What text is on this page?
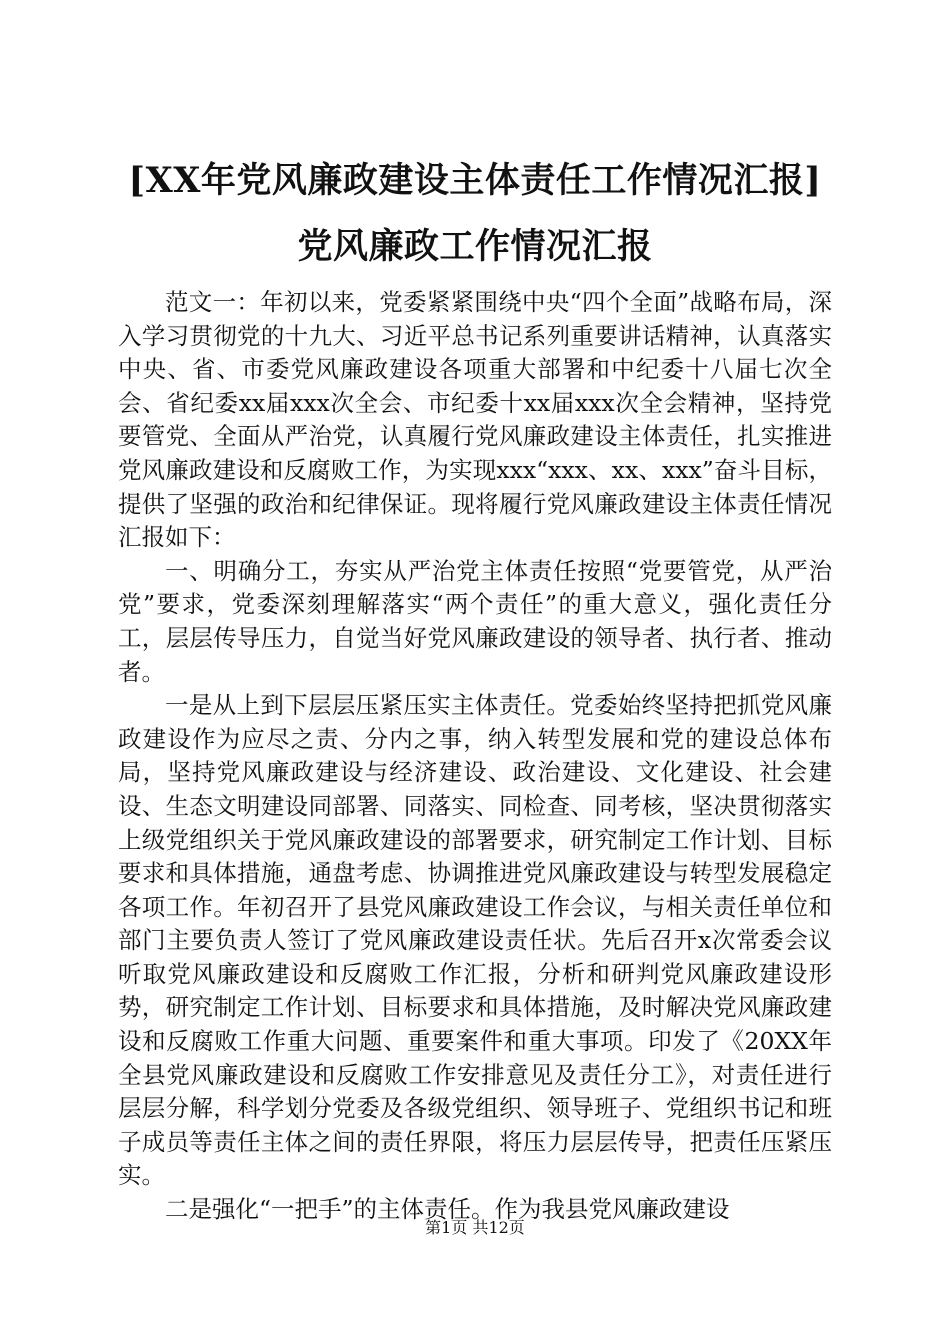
[XX年党风廉政建设主体责任工作情况汇报]
党风廉政工作情况汇报

范文一：年初以来，党委紧紧围绕中央“四个全面”战略布局，深入学习贯彻党的十九大、习近平总书记系列重要讲话精神，认真落实中央、省、市委党风廉政建设各项重大部署和中纪委十八届七次全会、省纪委xx届xxx次全会、市纪委十xx届xxx次全会精神，坚持党要管党、全面从严治党，认真履行党风廉政建设主体责任，扎实推进党风廉政建设和反腐败工作，为实现xxx“xxx、xx、xxx”奋斗目标，提供了坚强的政治和纪律保证。现将履行党风廉政建设主体责任情况汇报如下：

一、明确分工，夯实从严治党主体责任按照“党要管党，从严治党”要求，党委深刻理解落实“两个责任”的重大意义，强化责任分工，层层传导压力，自觉当好党风廉政建设的领导者、执行者、推动者。

一是从上到下层层压紧压实主体责任。党委始终坚持把抓党风廉政建设作为应尽之责、分内之事，纳入转型发展和党的建设总体布局，坚持党风廉政建设与经济建设、政治建设、文化建设、社会建设、生态文明建设同部署、同落实、同检查、同考核，坚决贯彻落实上级党组织关于党风廉政建设的部署要求，研究制定工作计划、目标要求和具体措施，通盘考虑、协调推进党风廉政建设与转型发展稳定各项工作。年初召开了县党风廉政建设工作会议，与相关责任单位和部门主要负责人签订了党风廉政建设责任状。先后召开x次常委会议听取党风廉政建设和反腐败工作汇报，分析和研判党风廉政建设形势，研究制定工作计划、目标要求和具体措施，及时解决党风廉政建设和反腐败工作重大问题、重要案件和重大事项。印发了《20XX年全县党风廉政建设和反腐败工作安排意见及责任分工》，对责任进行层层分解，科学划分党委及各级党组织、领导班子、党组织书记和班子成员等责任主体之间的责任界限，将压力层层传导，把责任压紧压实。

二是强化“一把手”的主体责任。作为我县党风廉政建设

第1页 共12页
